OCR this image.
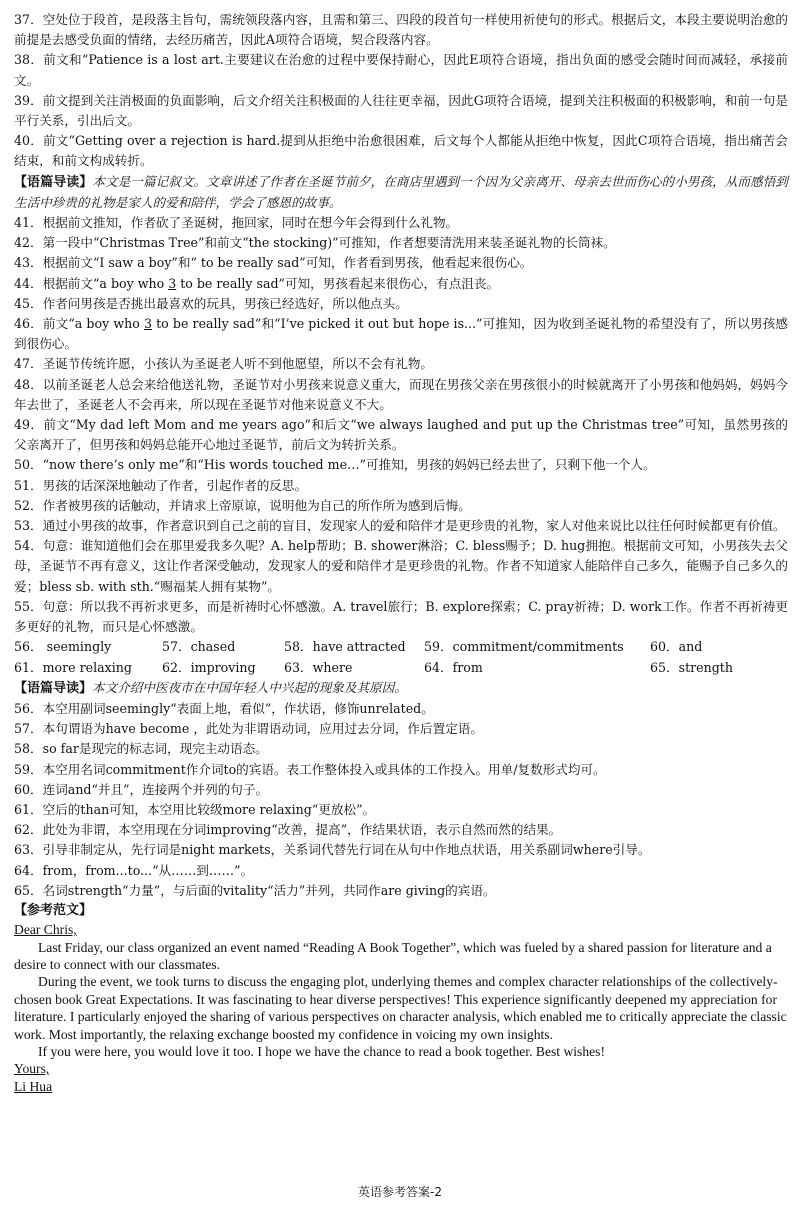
37．空处位于段首，是段落主旨句，需统领段落内容，且需和第三、四段的段首句一样使用祈使句的形式。根据后文，本段主要说明治愈的前提是去感受负面的情绪，去经历痛苦，因此A项符合语境，契合段落内容。

38．前文和“Patience is a lost art.主要建议在治愈的过程中要保持耐心，因此E项符合语境，指出负面的感受会随时间而减轻，承接前文。

39．前文提到关注消极面的负面影响，后文介绍关注积极面的人往往更幸福，因此G项符合语境，提到关注积极面的积极影响，和前一句是平行关系，引出后文。

40．前文“Getting over a rejection is hard.提到从拒绝中治愈很困难，后文每个人都能从拒绝中恢复，因此C项符合语境，指出痛苦会结束，和前文构成转折。

【语篇导读】本文是一篇记叙文。文章讲述了作者在圣诞节前夕，在商店里遇到一个因为父亲离开、母亲去世而伤心的小男孩，从而感悟到生活中珍贵的礼物是家人的爱和陪伴，学会了感恩的故事。

41．根据前文推知，作者砍了圣诞树，拖回家，同时在想今年会得到什么礼物。

42．第一段中“Christmas Tree”和前文“the stocking)”可推知，作者想要清洗用来装圣诞礼物的长筒袜。

43．根据前文“I saw a boy”和“ to be really sad”可知，作者看到男孩，他看起来很伤心。

44．根据前文“a boy who 3 to be really sad”可知，男孩看起来很伤心，有点沮丧。

45．作者问男孩是否挑出最喜欢的玩具，男孩已经选好，所以他点头。

46．前文“a boy who 3 to be really sad”和“I’ve picked it out but hope is...”可推知，因为收到圣诞礼物的希望没有了，所以男孩感到很伤心。

47．圣诞节传统许愿，小孩认为圣诞老人听不到他愿望，所以不会有礼物。

48．以前圣诞老人总会来给他送礼物，圣诞节对小男孩来说意义重大，而现在男孩父亲在男孩很小的时候就离开了小男孩和他妈妈，妈妈今年去世了，圣诞老人不会再来，所以现在圣诞节对他来说意义不大。

49．前文“My dad left Mom and me years ago”和后文“we always laughed and put up the Christmas tree”可知，虽然男孩的父亲离开了，但男孩和妈妈总能开心地过圣诞节，前后文为转折关系。

50．“now there’s only me”和“His words touched me…”可推知，男孩的妈妈已经去世了，只剩下他一个人。

51．男孩的话深深地触动了作者，引起作者的反思。

52．作者被男孩的话触动，并请求上帝原谅，说明他为自己的所作所为感到后悔。

53．通过小男孩的故事，作者意识到自己之前的盲目，发现家人的爱和陪伴才是更珍贵的礼物，家人对他来说比以往任何时候都更有价值。

54．句意：谁知道他们会在那里爱我多久呢？A. help帮助；B. shower淋浴；C. bless赐予；D. hug拥抱。根据前文可知，小男孩失去父母，圣诞节不再有意义，这让作者深受触动，发现家人的爱和陪伴才是更珍贵的礼物。作者不知道家人能陪伴自己多久，能赐予自己多久的爱；bless sb. with sth.“赐福某人拥有某物”。

55．句意：所以我不再祈求更多，而是祈祷时心怀感激。A. travel旅行；B. explore探索；C. pray祈祷；D. work工作。作者不再祈祷更多更好的礼物，而只是心怀感激。

56． seemingly	57．chased	58．have attracted	59．commitment/commitments	60．and
61．more relaxing	62．improving	63．where	64．from	65．strength

【语篇导读】本文介绍中医夜市在中国年轻人中兴起的现象及其原因。

56．本空用副词seemingly“表面上地，看似”，作状语，修饰unrelated。

57．本句谓语为have become ，此处为非谓语动词，应用过去分词，作后置定语。

58．so far是现完的标志词，现完主动语态。

59．本空用名词commitment作介词to的宾语。表工作整体投入或具体的工作投入。用单/复数形式均可。

60．连词and“并且”，连接两个并列的句子。

61．空后的than可知，本空用比较级more relaxing“更放松”。

62．此处为非谓，本空用现在分词improving“改善，提高”，作结果状语，表示自然而然的结果。

63．引导非制定从，先行词是night markets，关系词代替先行词在从句中作地点状语，用关系副词where引导。

64．from，from...to...“从……到……”。

65．名词strength“力量”，与后面的vitality“活力”并列，共同作are giving的宾语。

【参考范文】

Dear Chris,

Last Friday, our class organized an event named “Reading A Book Together”, which was fueled by a shared passion for literature and a desire to connect with our classmates.

During the event, we took turns to discuss the engaging plot, underlying themes and complex character relationships of the collectively-chosen book Great Expectations. It was fascinating to hear diverse perspectives! This experience significantly deepened my appreciation for literature. I particularly enjoyed the sharing of various perspectives on character analysis, which enabled me to critically appreciate the classic work. Most importantly, the relaxing exchange boosted my confidence in voicing my own insights.

If you were here, you would love it too. I hope we have the chance to read a book together. Best wishes!

Yours,

Li Hua

英语参考答案-2
